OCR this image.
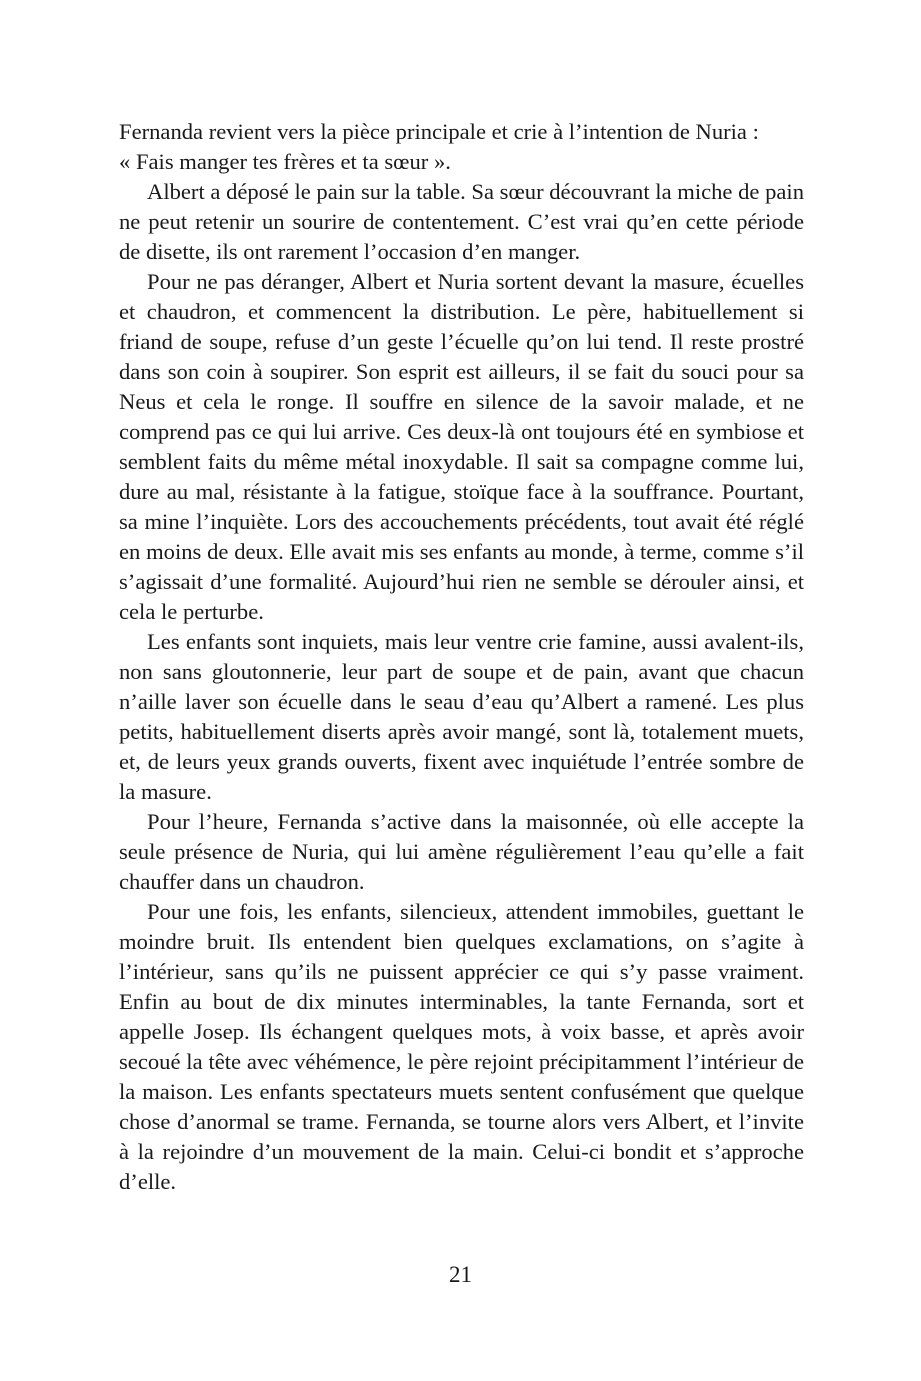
Fernanda revient vers la pièce principale et crie à l’intention de Nuria :
« Fais manger tes frères et ta sœur ».

Albert a déposé le pain sur la table. Sa sœur découvrant la miche de pain ne peut retenir un sourire de contentement. C’est vrai qu’en cette période de disette, ils ont rarement l’occasion d’en manger.

Pour ne pas déranger, Albert et Nuria sortent devant la masure, écuelles et chaudron, et commencent la distribution. Le père, habituellement si friand de soupe, refuse d’un geste l’écuelle qu’on lui tend. Il reste prostré dans son coin à soupirer. Son esprit est ailleurs, il se fait du souci pour sa Neus et cela le ronge. Il souffre en silence de la savoir malade, et ne comprend pas ce qui lui arrive. Ces deux-là ont toujours été en symbiose et semblent faits du même métal inoxydable. Il sait sa compagne comme lui, dure au mal, résistante à la fatigue, stoïque face à la souffrance. Pourtant, sa mine l’inquiète. Lors des accouchements précédents, tout avait été réglé en moins de deux. Elle avait mis ses enfants au monde, à terme, comme s’il s’agissait d’une formalité. Aujourd’hui rien ne semble se dérouler ainsi, et cela le perturbe.

Les enfants sont inquiets, mais leur ventre crie famine, aussi avalent-ils, non sans gloutonnerie, leur part de soupe et de pain, avant que chacun n’aille laver son écuelle dans le seau d’eau qu’Albert a ramené. Les plus petits, habituellement diserts après avoir mangé, sont là, totalement muets, et, de leurs yeux grands ouverts, fixent avec inquiétude l’entrée sombre de la masure.

Pour l’heure, Fernanda s’active dans la maisonnée, où elle accepte la seule présence de Nuria, qui lui amène régulièrement l’eau qu’elle a fait chauffer dans un chaudron.

Pour une fois, les enfants, silencieux, attendent immobiles, guettant le moindre bruit. Ils entendent bien quelques exclamations, on s’agite à l’intérieur, sans qu’ils ne puissent apprécier ce qui s’y passe vraiment. Enfin au bout de dix minutes interminables, la tante Fernanda, sort et appelle Josep. Ils échangent quelques mots, à voix basse, et après avoir secoué la tête avec véhémence, le père rejoint précipitamment l’intérieur de la maison. Les enfants spectateurs muets sentent confusément que quelque chose d’anormal se trame. Fernanda, se tourne alors vers Albert, et l’invite à la rejoindre d’un mouvement de la main. Celui-ci bondit et s’approche d’elle.

21
